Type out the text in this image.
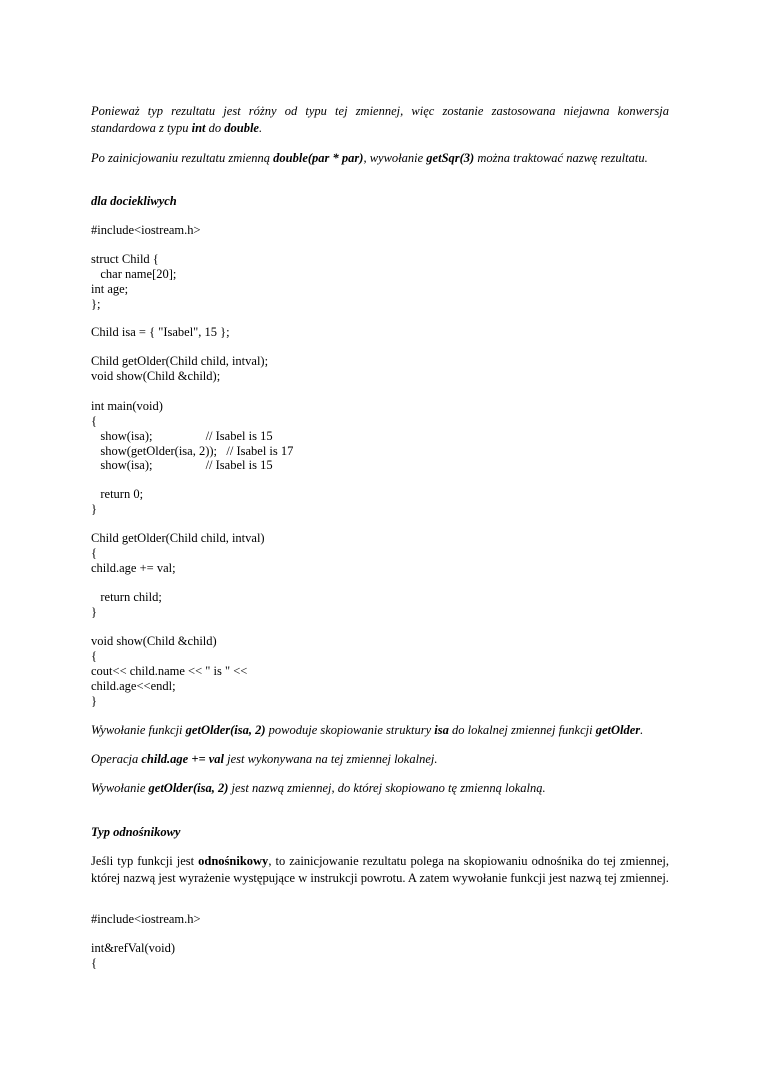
Ponieważ typ rezultatu jest różny od typu tej zmiennej, więc zostanie zastosowana niejawna konwersja standardowa z typu int do double.
Po zainicjowaniu rezultatu zmienną double(par * par), wywołanie getSqr(3) można traktować nazwę rezultatu.
dla dociekliwych
#include<iostream.h>
struct Child {
char name[20];
int age;
};
Child isa = { "Isabel", 15 };
Child getOlder(Child child, intval);
void show(Child &child);
int main(void)
{
show(isa);                 // Isabel is 15
show(getOlder(isa, 2));   // Isabel is 17
show(isa);                 // Isabel is 15
return 0;
}
Child getOlder(Child child, intval)
{
child.age += val;
return child;
}
void show(Child &child)
{
cout<< child.name << " is " <<
child.age<<endl;
}
Wywołanie funkcji getOlder(isa, 2) powoduje skopiowanie struktury isa do lokalnej zmiennej funkcji getOlder.
Operacja child.age += val jest wykonywana na tej zmiennej lokalnej.
Wywołanie getOlder(isa, 2) jest nazwą zmiennej, do której skopiowano tę zmienną lokalną.
Typ odnośnikowy
Jeśli typ funkcji jest odnośnikowy, to zainicjowanie rezultatu polega na skopiowaniu odnośnika do tej zmiennej, której nazwą jest wyrażenie występujące w instrukcji powrotu. A zatem wywołanie funkcji jest nazwą tej zmiennej.
#include<iostream.h>
int&refVal(void)
{
